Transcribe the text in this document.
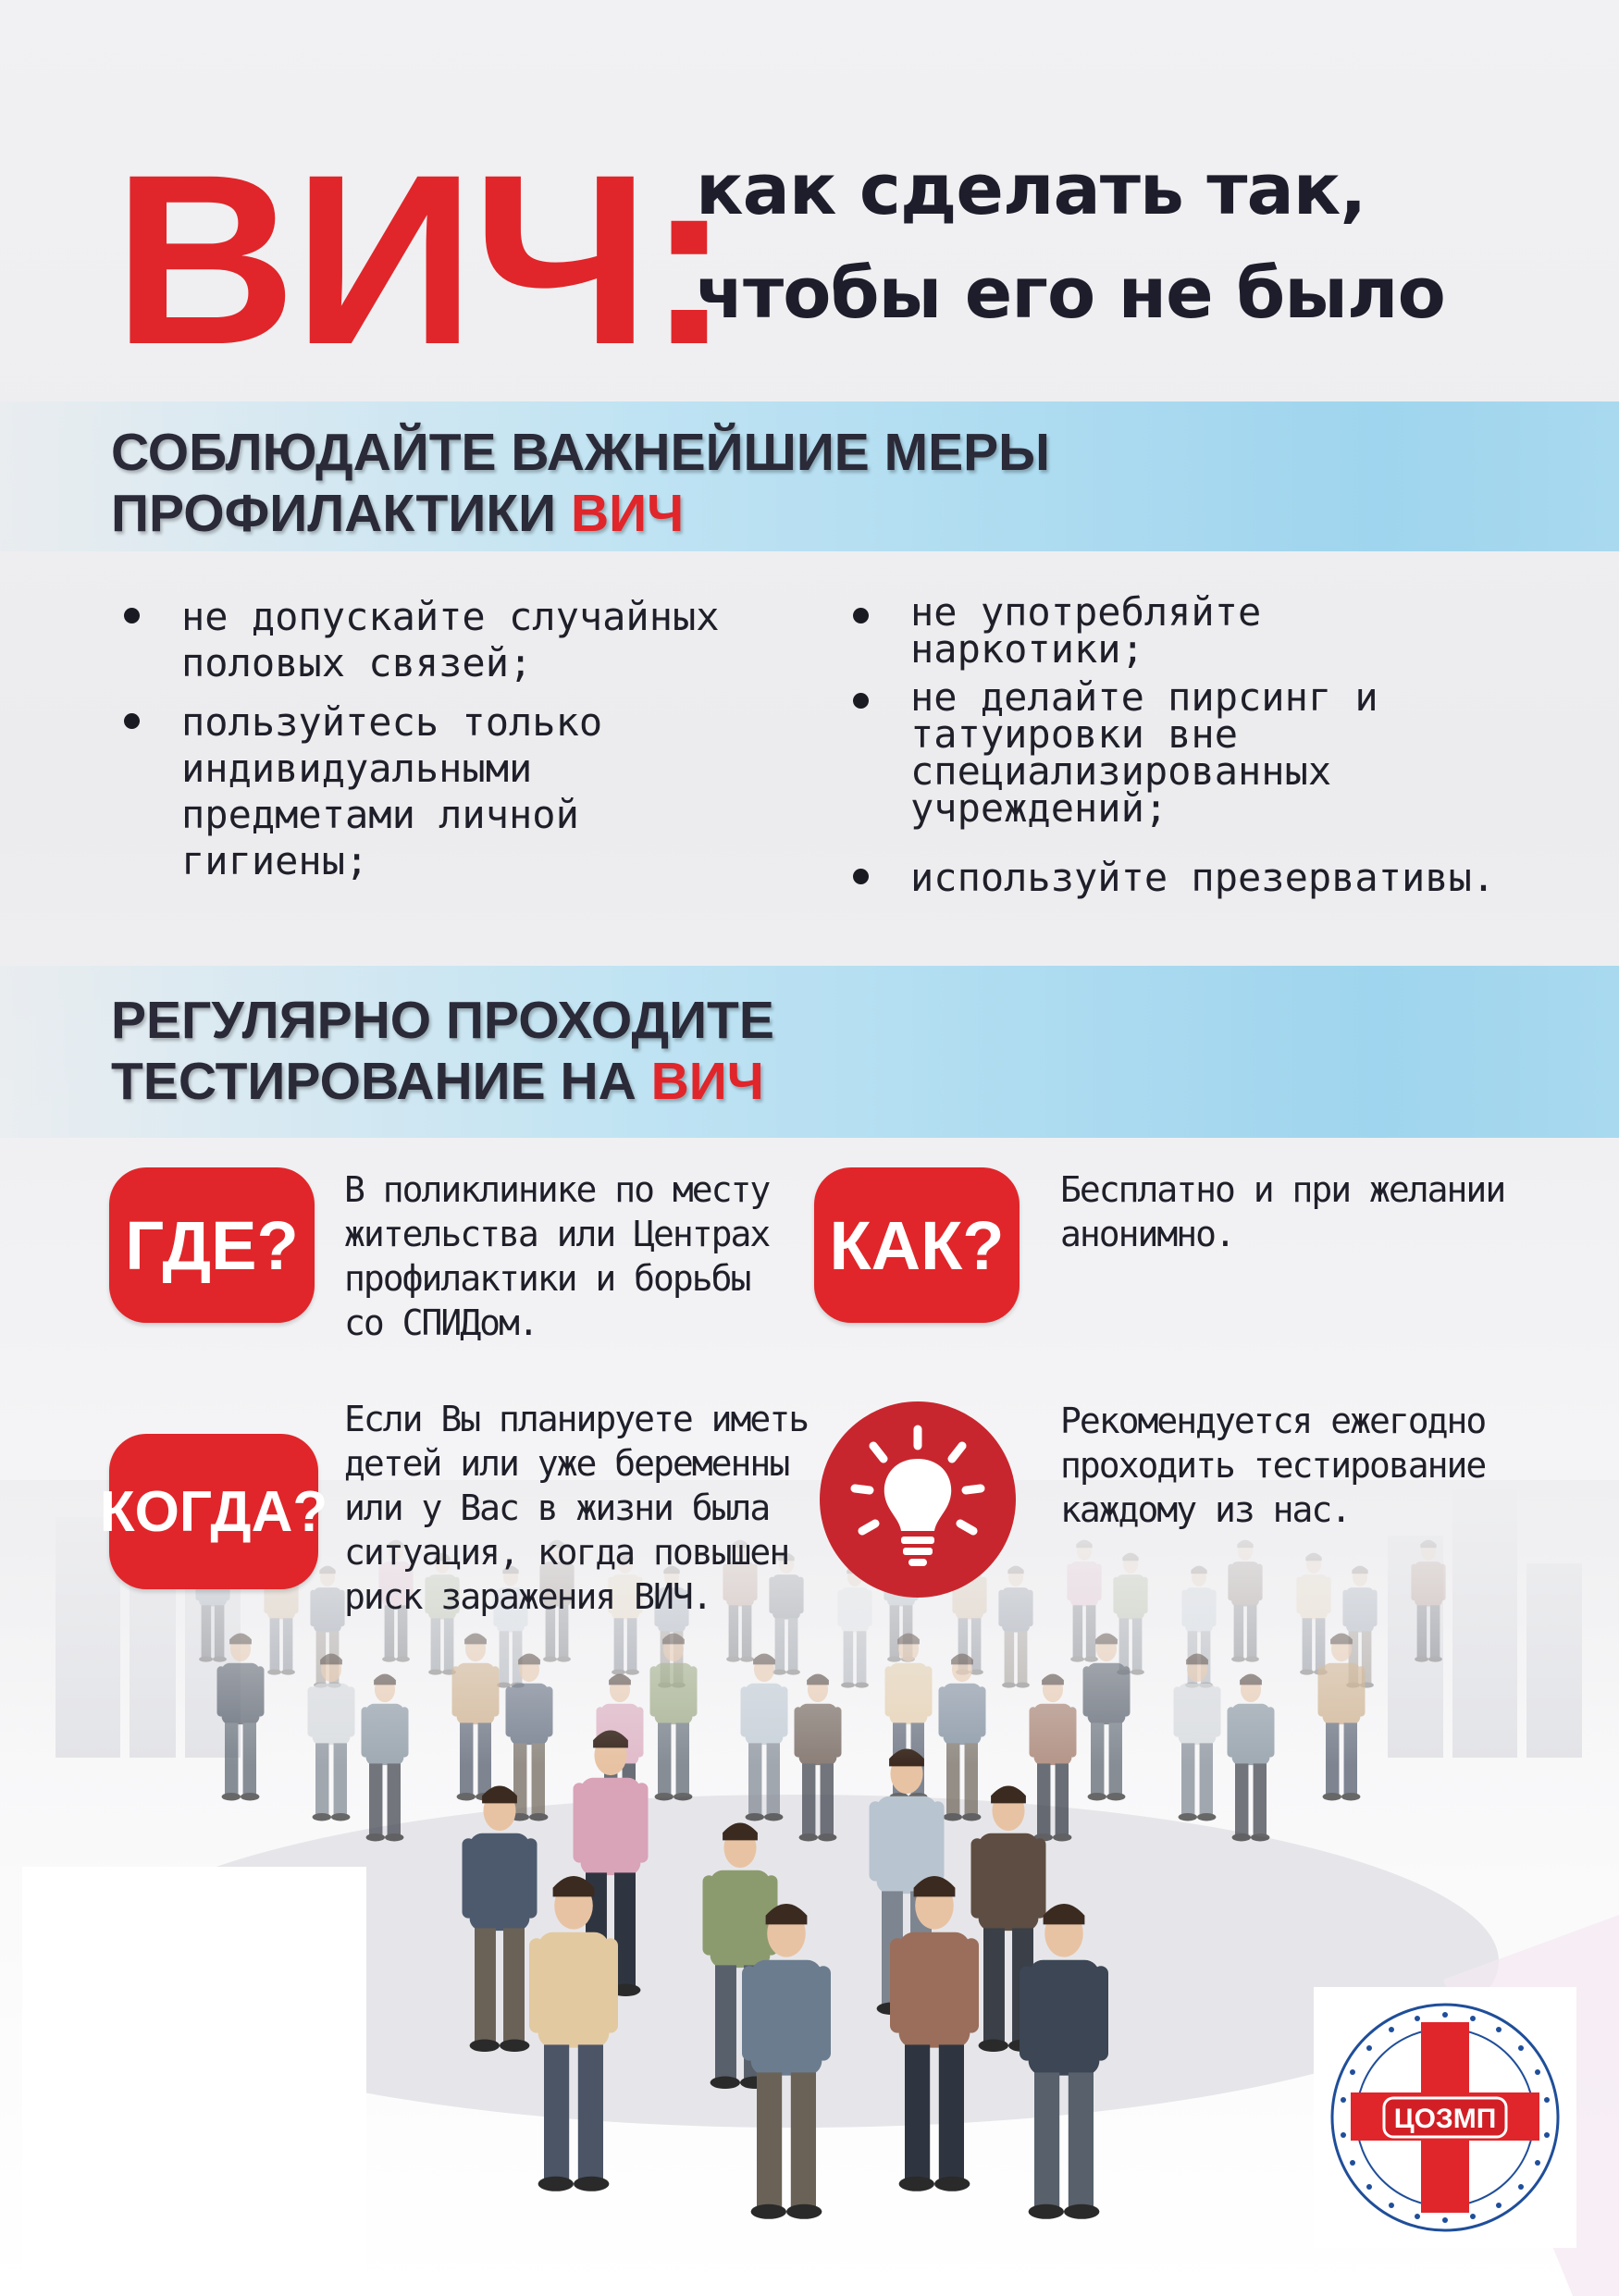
ВИЧ:
как сделать так,
чтобы его не было
СОБЛЮДАЙТЕ ВАЖНЕЙШИЕ МЕРЫ
ПРОФИЛАКТИКИ ВИЧ
не допускайте случайных
половых связей;
пользуйтесь только
индивидуальными
предметами личной
гигиены;
не употребляйте
наркотики;
не делайте пирсинг и
татуировки вне
специализированных
учреждений;
используйте презервативы.
РЕГУЛЯРНО ПРОХОДИТЕ
ТЕСТИРОВАНИЕ НА ВИЧ
ГДЕ?
В поликлинике по месту
жительства или Центрах
профилактики и борьбы
со СПИДом.
КАК?
Бесплатно и при желании
анонимно.
КОГДА?
Если Вы планируете иметь
детей или уже беременны
или у Вас в жизни была
ситуация, когда повышен
риск заражения ВИЧ.
Рекомендуется ежегодно
проходить тестирование
каждому из нас.
ЦОЗМП
